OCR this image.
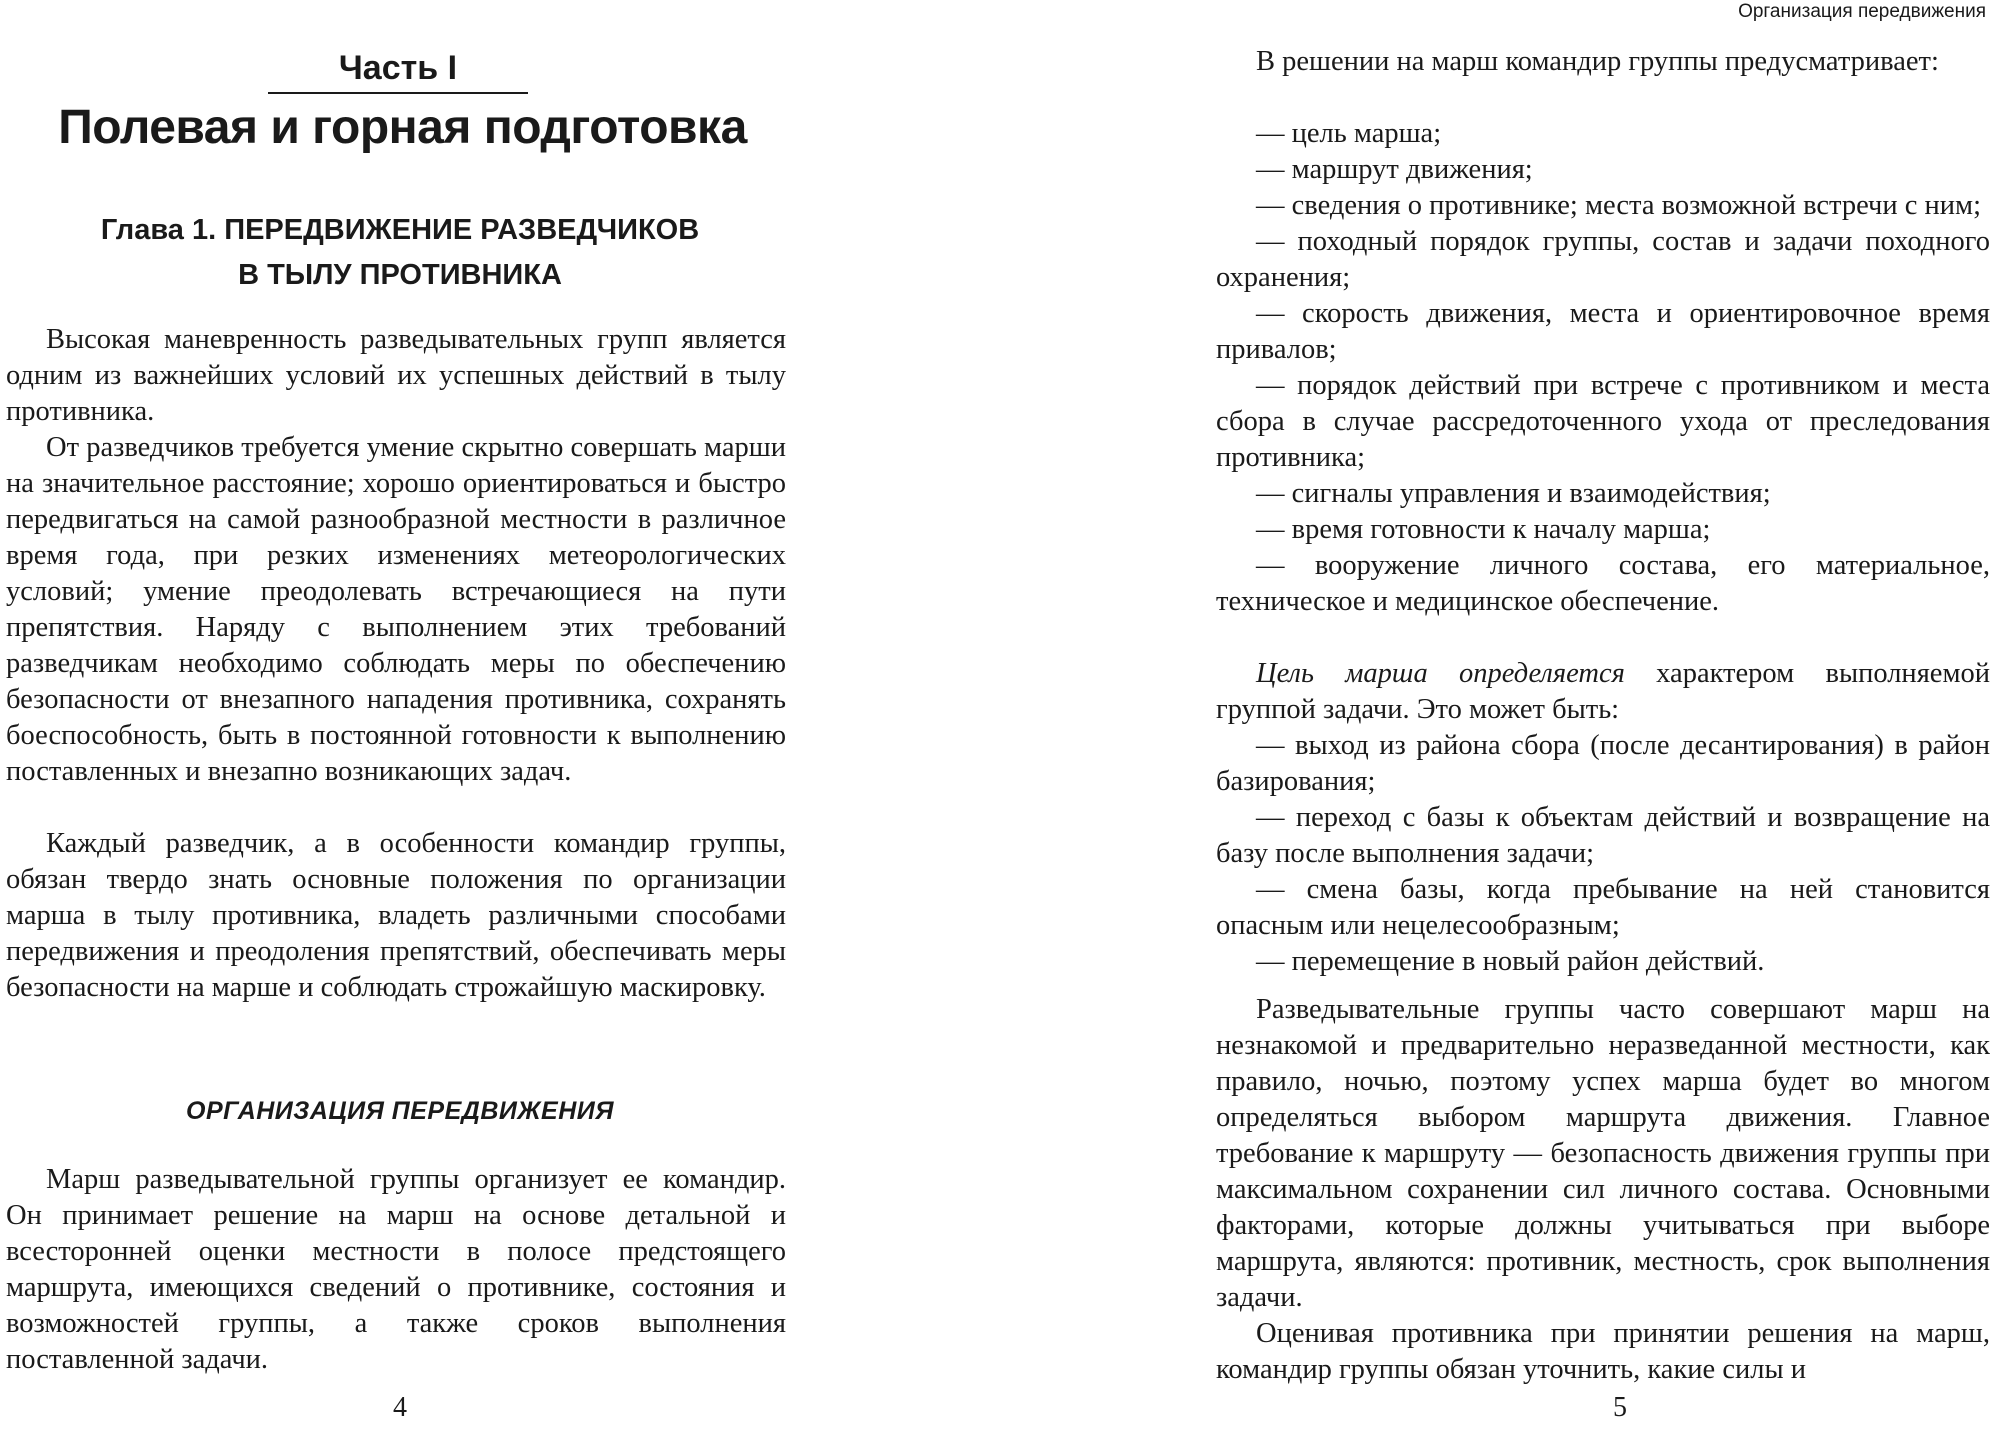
Часть I
Полевая и горная подготовка
Глава 1. ПЕРЕДВИЖЕНИЕ РАЗВЕДЧИКОВ
В ТЫЛУ ПРОТИВНИКА

Высокая маневренность разведывательных групп является одним из важнейших условий их успешных действий в тылу противника.

От разведчиков требуется умение скрытно совершать марши на значительное расстояние; хорошо ориентироваться и быстро передвигаться на самой разнообразной местности в различное время года, при резких изменениях метеорологических условий; умение преодолевать встречающиеся на пути препятствия. Наряду с выполнением этих требований разведчикам необходимо соблюдать меры по обеспечению безопасности от внезапного нападения противника, сохранять боеспособность, быть в постоянной готовности к выполнению поставленных и внезапно возникающих задач.

Каждый разведчик, а в особенности командир группы, обязан твердо знать основные положения по организации марша в тылу противника, владеть различными способами передвижения и преодоления препятствий, обеспечивать меры безопасности на марше и соблюдать строжайшую маскировку.

ОРГАНИЗАЦИЯ ПЕРЕДВИЖЕНИЯ

Марш разведывательной группы организует ее командир. Он принимает решение на марш на основе детальной и всесторонней оценки местности в полосе предстоящего маршрута, имеющихся сведений о противнике, состояния и возможностей группы, а также сроков выполнения поставленной задачи.

4
Организация передвижения

В решении на марш командир группы предусматривает:

— цель марша;
— маршрут движения;
— сведения о противнике; места возможной встречи с ним;
— походный порядок группы, состав и задачи походного охранения;
— скорость движения, места и ориентировочное время привалов;
— порядок действий при встрече с противником и места сбора в случае рассредоточенного ухода от преследования противника;
— сигналы управления и взаимодействия;
— время готовности к началу марша;
— вооружение личного состава, его материальное, техническое и медицинское обеспечение.

Цель марша определяется характером выполняемой группой задачи. Это может быть:

— выход из района сбора (после десантирования) в район базирования;
— переход с базы к объектам действий и возвращение на базу после выполнения задачи;
— смена базы, когда пребывание на ней становится опасным или нецелесообразным;
— перемещение в новый район действий.

Разведывательные группы часто совершают марш на незнакомой и предварительно неразведанной местности, как правило, ночью, поэтому успех марша будет во многом определяться выбором маршрута движения. Главное требование к маршруту — безопасность движения группы при максимальном сохранении сил личного состава. Основными факторами, которые должны учитываться при выборе маршрута, являются: противник, местность, срок выполнения задачи.

Оценивая противника при принятии решения на марш, командир группы обязан уточнить, какие силы и

5
